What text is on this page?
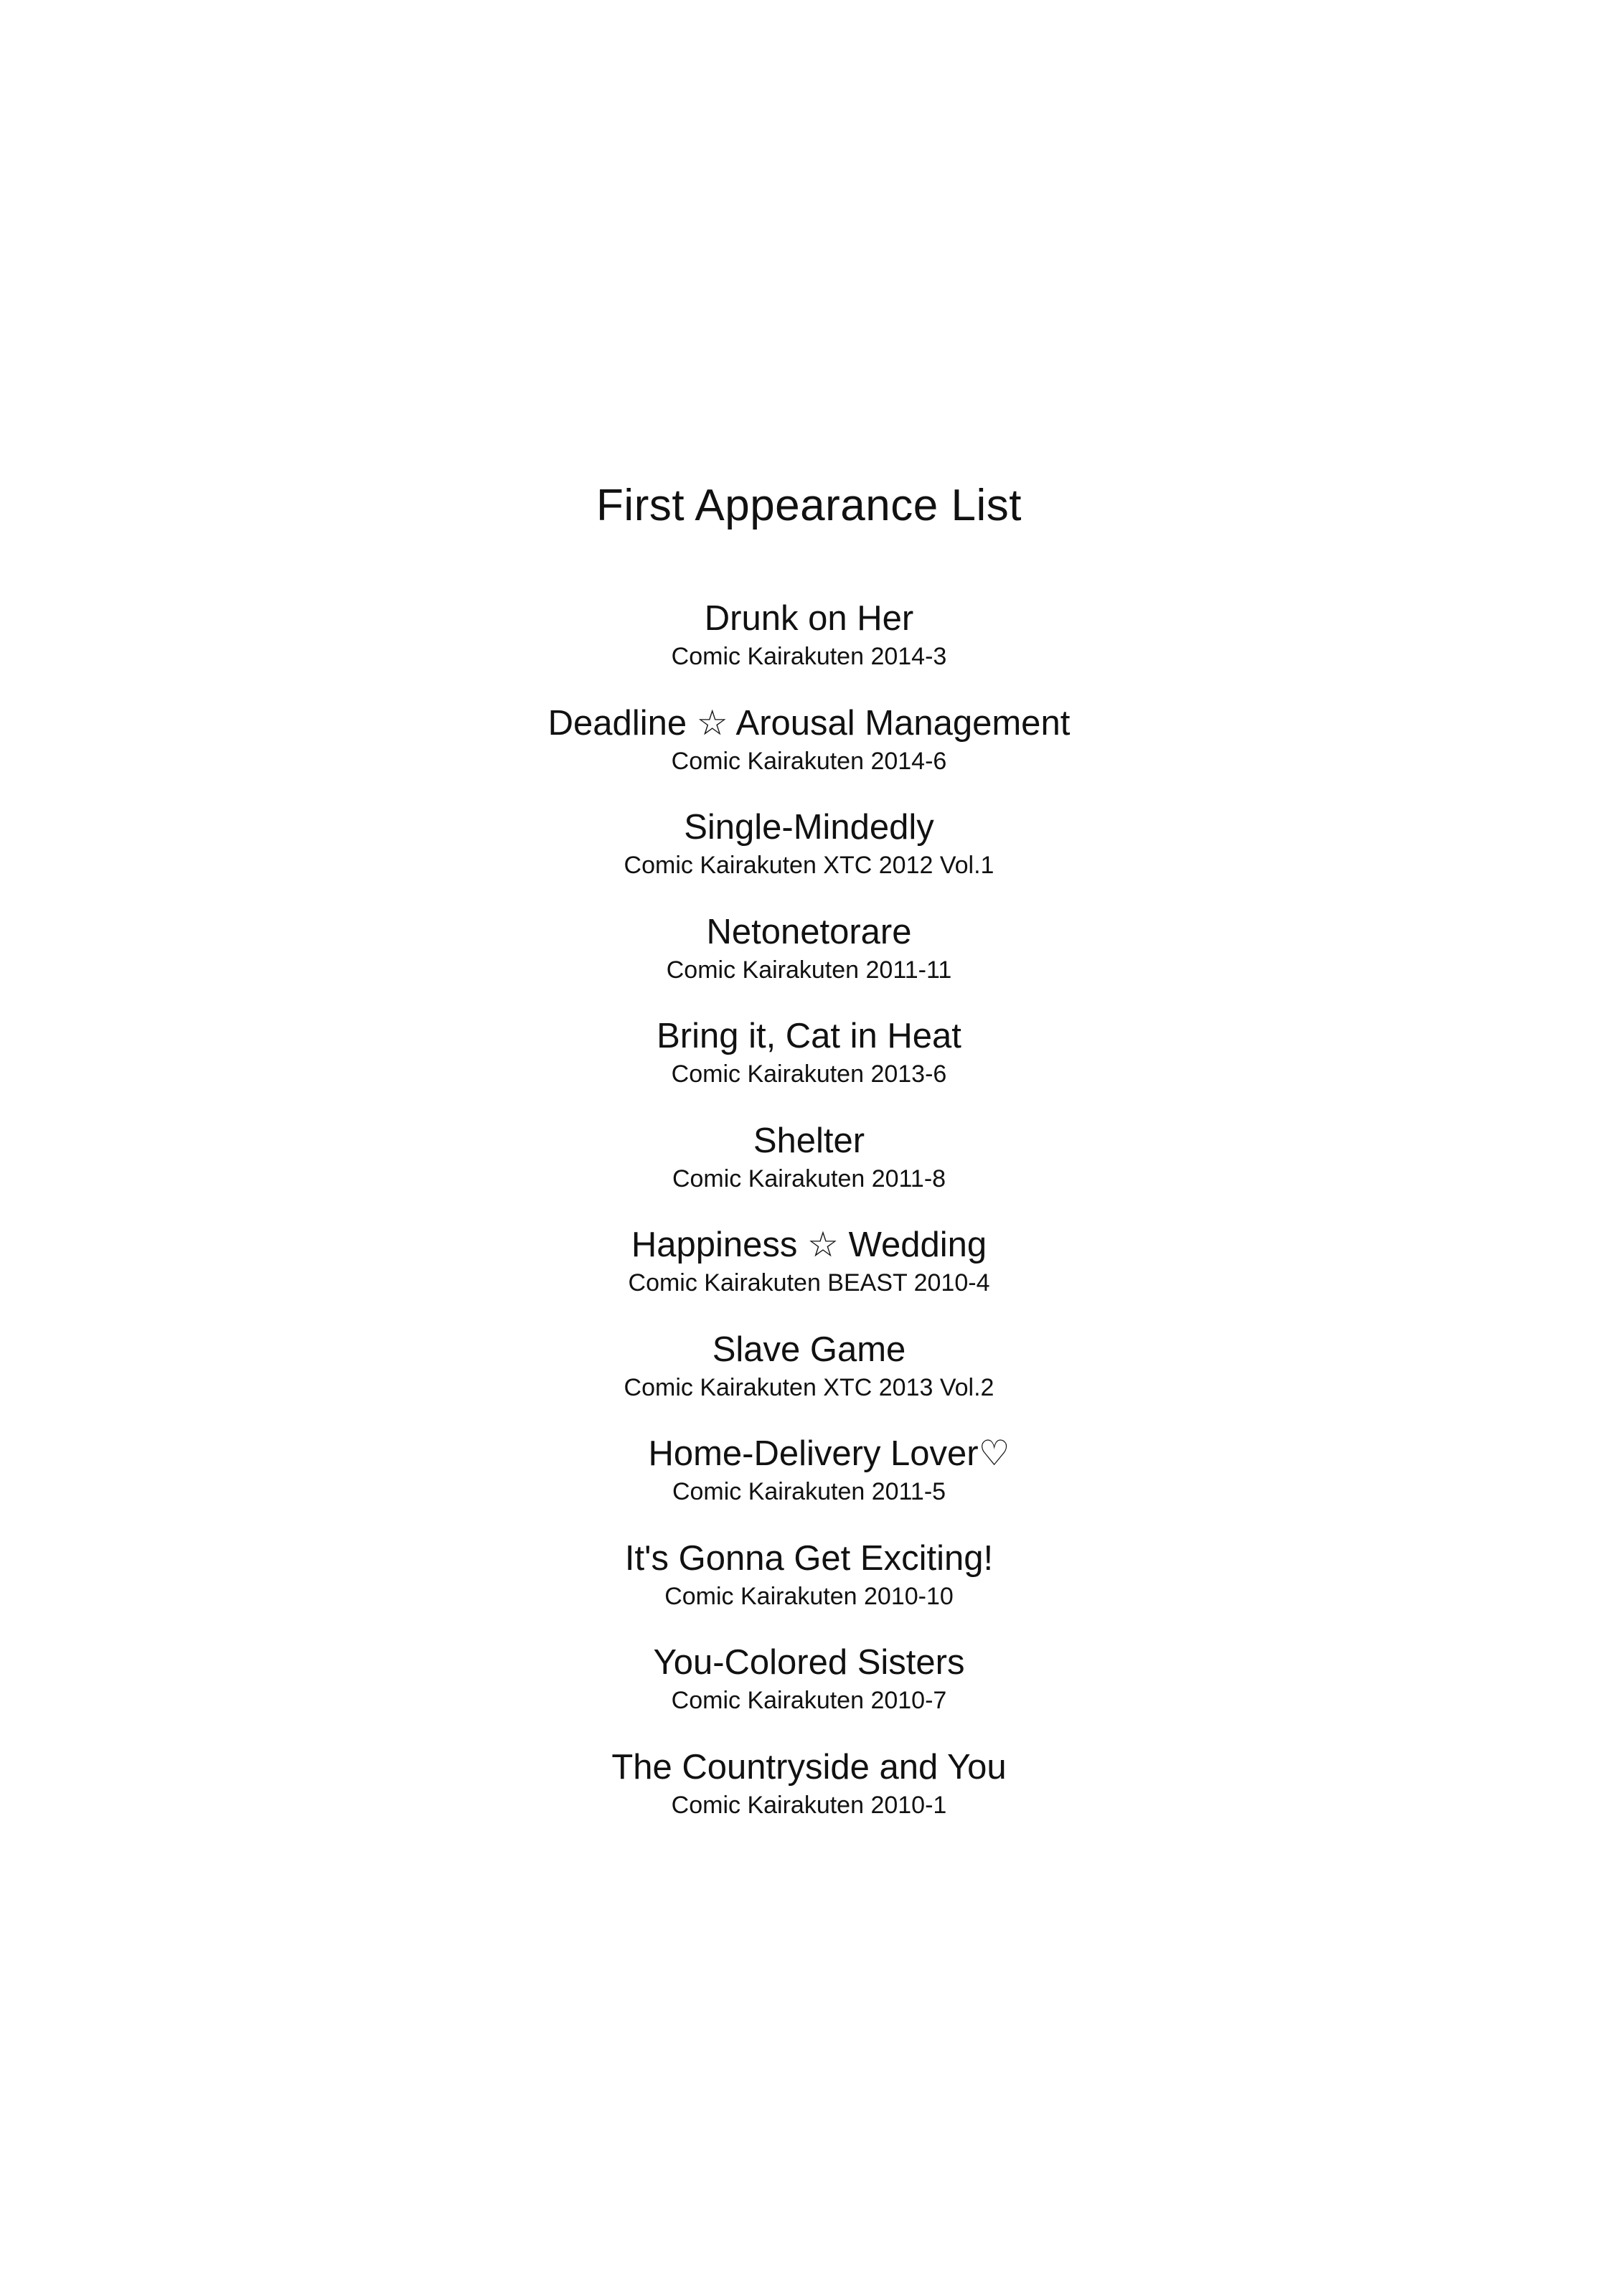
First Appearance List
Drunk on Her
Comic Kairakuten 2014-3
Deadline ☆ Arousal Management
Comic Kairakuten 2014-6
Single-Mindedly
Comic Kairakuten XTC 2012 Vol.1
Netonetorare
Comic Kairakuten 2011-11
Bring it, Cat in Heat
Comic Kairakuten 2013-6
Shelter
Comic Kairakuten 2011-8
Happiness ☆ Wedding
Comic Kairakuten BEAST 2010-4
Slave Game
Comic Kairakuten XTC 2013 Vol.2
Home-Delivery Lover♡
Comic Kairakuten 2011-5
It's Gonna Get Exciting!
Comic Kairakuten 2010-10
You-Colored Sisters
Comic Kairakuten 2010-7
The Countryside and You
Comic Kairakuten 2010-1
